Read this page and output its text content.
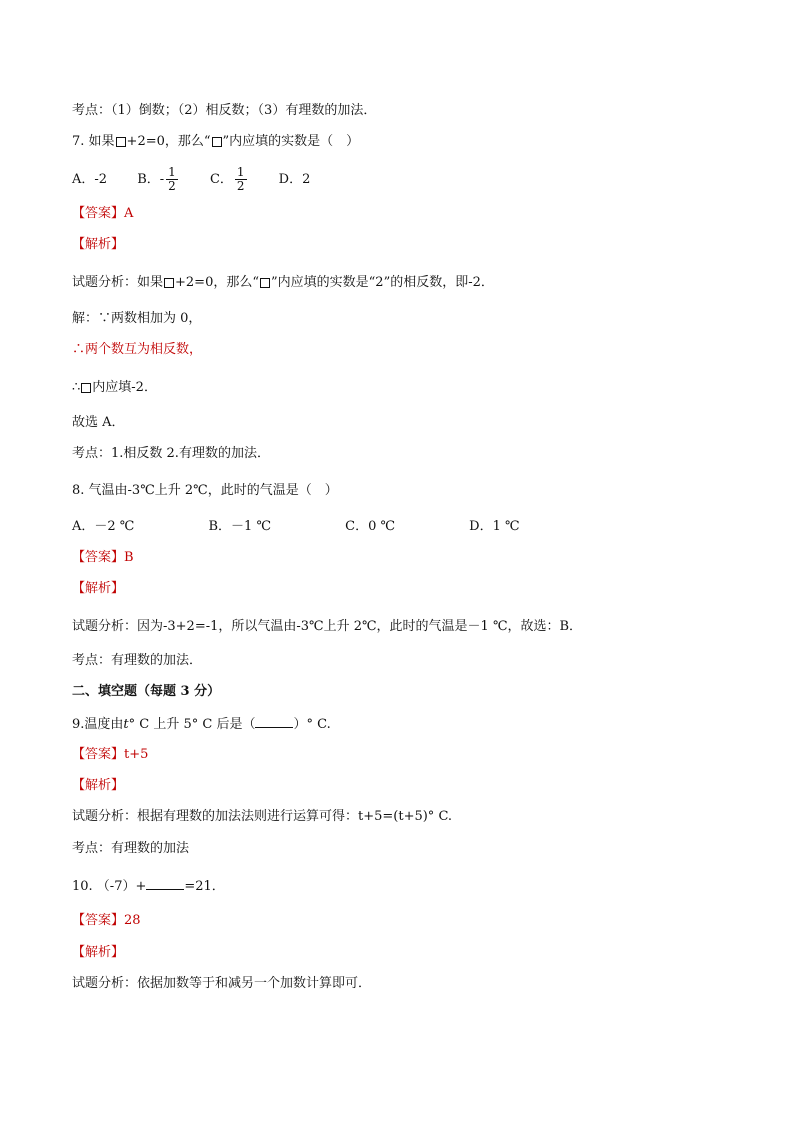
考点：（1）倒数；（2）相反数；（3）有理数的加法．
7. 如果 +2=0，那么“ ”内应填的实数是（　）
A．-2 B．- $\frac{1}{2}$ C． $\frac{1}{2}$ D．2
【答案】A
【解析】
试题分析：如果 +2=0，那么“ ”内应填的实数是“2”的相反数，即-2．
解：∵两数相加为 0，
∴两个数互为相反数，
∴ 内应填-2．
故选 A．
考点：1.相反数 2.有理数的加法．
8. 气温由-3℃上升 2℃，此时的气温是（　）
A．－2 ℃	B．－1 ℃	C．0 ℃	D．1 ℃
【答案】B
【解析】
试题分析：因为-3+2=-1，所以气温由-3℃上升 2℃，此时的气温是－1 ℃，故选：B．
考点：有理数的加法．
二、填空题（每题 3 分）
9.温度由t° C 上升 5° C 后是（	）° C.
【答案】t+5
【解析】
试题分析：根据有理数的加法法则进行运算可得：t+5=(t+5)° C.
考点：有理数的加法
10. （-7）+	=21．
【答案】28
【解析】
试题分析：依据加数等于和减另一个加数计算即可．
